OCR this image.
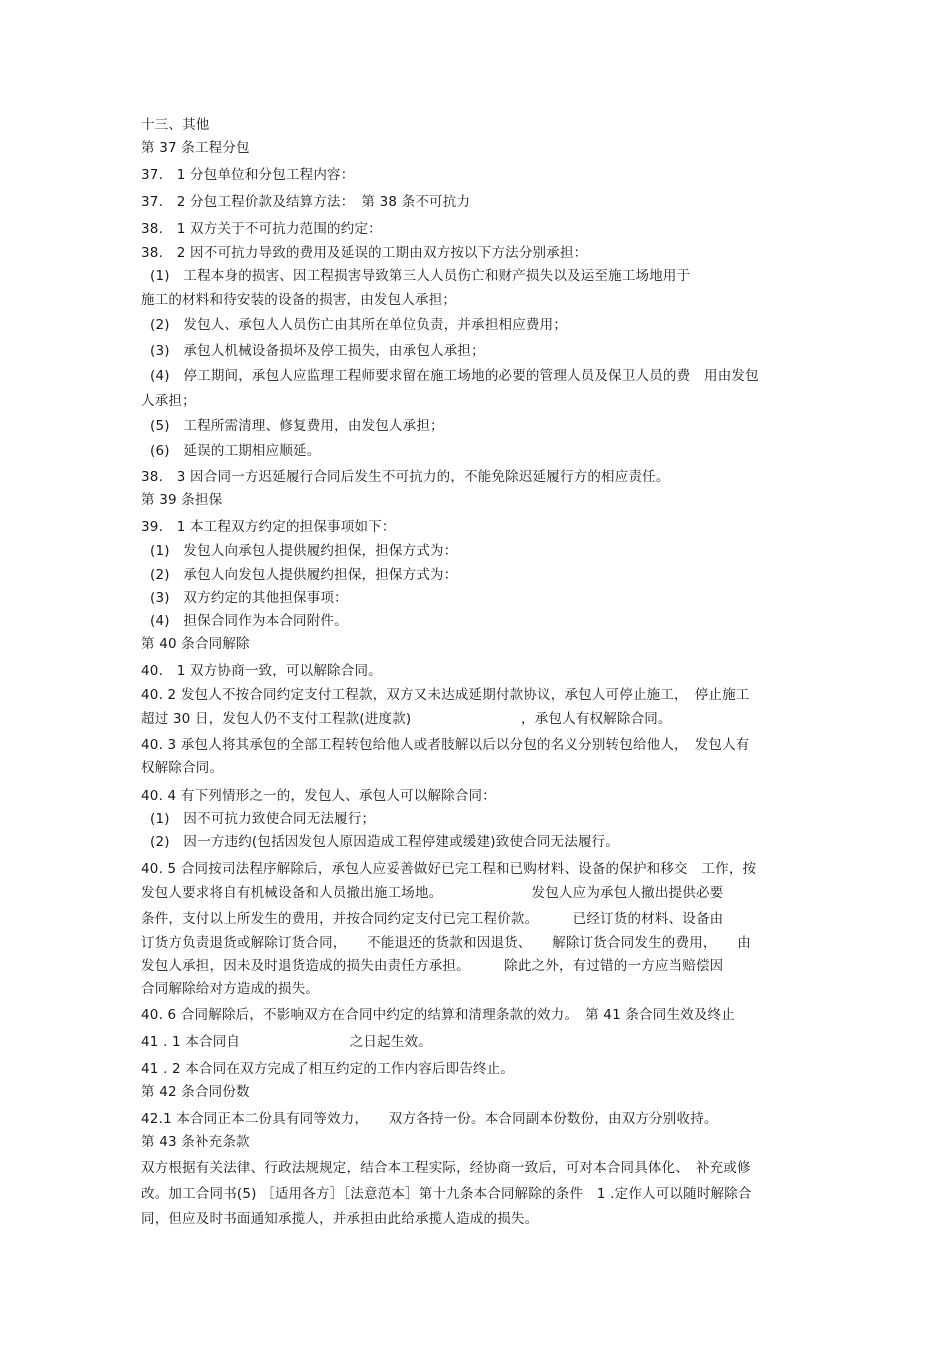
十三、其他
第 37 条工程分包
37.　1 分包单位和分包工程内容：
37.　2 分包工程价款及结算方法：　第 38 条不可抗力
38.　1 双方关于不可抗力范围的约定：
38.　2 因不可抗力导致的费用及延误的工期由双方按以下方法分别承担：
(1)　工程本身的损害、因工程损害导致第三人人员伤亡和财产损失以及运至施工场地用于
施工的材料和待安装的设备的损害，由发包人承担；
(2)　发包人、承包人人员伤亡由其所在单位负责，并承担相应费用；
(3)　承包人机械设备损坏及停工损失，由承包人承担；
(4)　停工期间，承包人应监理工程师要求留在施工场地的必要的管理人员及保卫人员的费　用由发包
人承担；
(5)　工程所需清理、修复费用，由发包人承担；
(6)　延误的工期相应顺延。
38.　3 因合同一方迟延履行合同后发生不可抗力的，不能免除迟延履行方的相应责任。
第 39 条担保
39.　1 本工程双方约定的担保事项如下：
(1)　发包人向承包人提供履约担保，担保方式为：
(2)　承包人向发包人提供履约担保，担保方式为：
(3)　双方约定的其他担保事项：
(4)　担保合同作为本合同附件。
第 40 条合同解除
40.　1 双方协商一致，可以解除合同。
40. 2 发包人不按合同约定支付工程款，双方又未达成延期付款协议，承包人可停止施工，　停止施工
超过 30 日，发包人仍不支付工程款(进度款)　　　　　　　　，承包人有权解除合同。
40. 3 承包人将其承包的全部工程转包给他人或者肢解以后以分包的名义分别转包给他人，　发包人有
权解除合同。
40. 4 有下列情形之一的，发包人、承包人可以解除合同：
(1)　因不可抗力致使合同无法履行；
(2)　因一方违约(包括因发包人原因造成工程停建或缓建)致使合同无法履行。
40. 5 合同按司法程序解除后，承包人应妥善做好已完工程和已购材料、设备的保护和移交　工作，按
发包人要求将自有机械设备和人员撤出施工场地。　　　　　　　发包人应为承包人撤出提供必要
条件，支付以上所发生的费用，并按合同约定支付已完工程价款。　　　已经订货的材料、设备由
订货方负责退货或解除订货合同，　　不能退还的货款和因退货、　　解除订货合同发生的费用，　　由
发包人承担，因未及时退货造成的损失由责任方承担。　　　除此之外，有过错的一方应当赔偿因
合同解除给对方造成的损失。
40. 6 合同解除后，不影响双方在合同中约定的结算和清理条款的效力。　第 41 条合同生效及终止
41 . 1 本合同自　　　　　　　　之日起生效。
41 . 2 本合同在双方完成了相互约定的工作内容后即告终止。
第 42 条合同份数
42.1 本合同正本二份具有同等效力，　　双方各持一份。本合同副本份数份，由双方分别收持。
第 43 条补充条款
双方根据有关法律、行政法规规定，结合本工程实际，经协商一致后，可对本合同具体化、　补充或修
改。加工合同书(5) ［适用各方］［法意范本］第十九条本合同解除的条件　1 .定作人可以随时解除合
同，但应及时书面通知承揽人，并承担由此给承揽人造成的损失。
